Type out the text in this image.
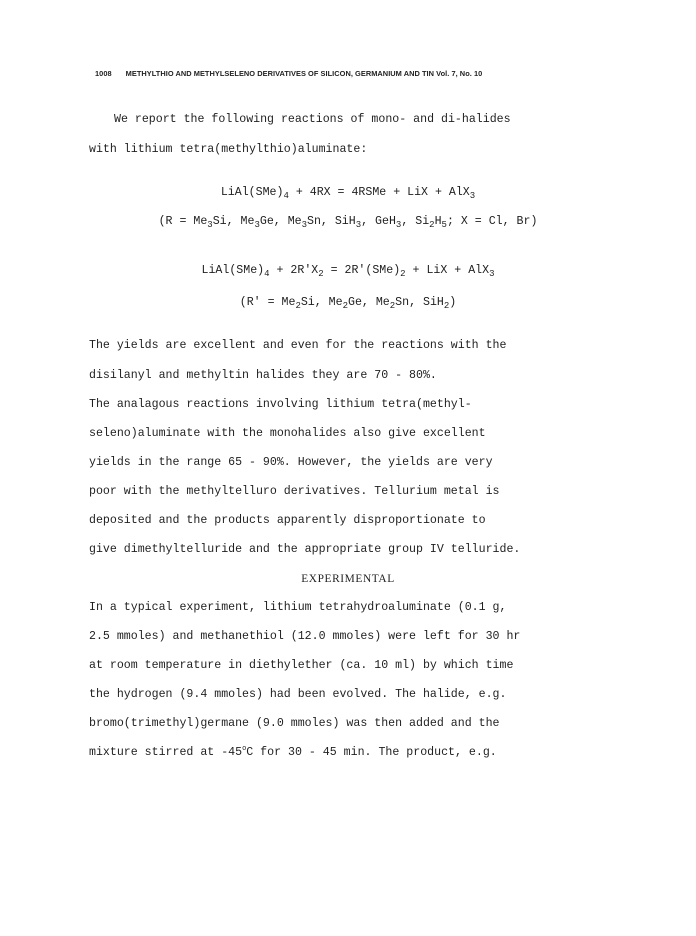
1008 METHYLTHIO AND METHYLSELENO DERIVATIVES OF SILICON, GERMANIUM AND TIN Vol. 7, No. 10
We report the following reactions of mono- and di-halides
with lithium tetra(methylthio)aluminate:
$LiAl(SMe)_4 + 4RX$ = 4RSMe + LiX + AlX$_3$
($R = Me_3Si$, $Me_3Ge$, $Me_3Sn$, SiH$_3$, GeH$_3$, $Si_2H_5$; X = Cl, Br)
$LiAl(SMe)_4 + 2R'X_2 = 2R'(SMe)_2$ + LiX + AlX$_3$
($R' = Me_2Si$, $Me_2Ge$, $Me_2Sn$, SiH$_2$)
The yields are excellent and even for the reactions with the
disilanyl and methyltin halides they are 70 - 80%.
The analagous reactions involving lithium tetra(methyl-
seleno)aluminate with the monohalides also give excellent
yields in the range 65 - 90%. However, the yields are very
poor with the methyltelluro derivatives. Tellurium metal is
deposited and the products apparently disproportionate to
give dimethyltelluride and the appropriate group IV telluride.
EXPERIMENTAL
In a typical experiment, lithium tetrahydroaluminate (0.1 g,
2.5 mmoles) and methanethiol (12.0 mmoles) were left for 30 hr
at room temperature in diethylether (ca. 10 ml) by which time
the hydrogen (9.4 mmoles) had been evolved. The halide, e.g.
bromo(trimethyl)germane (9.0 mmoles) was then added and the
mixture stirred at -45$^o$C for 30 - 45 min. The product, e.g.
